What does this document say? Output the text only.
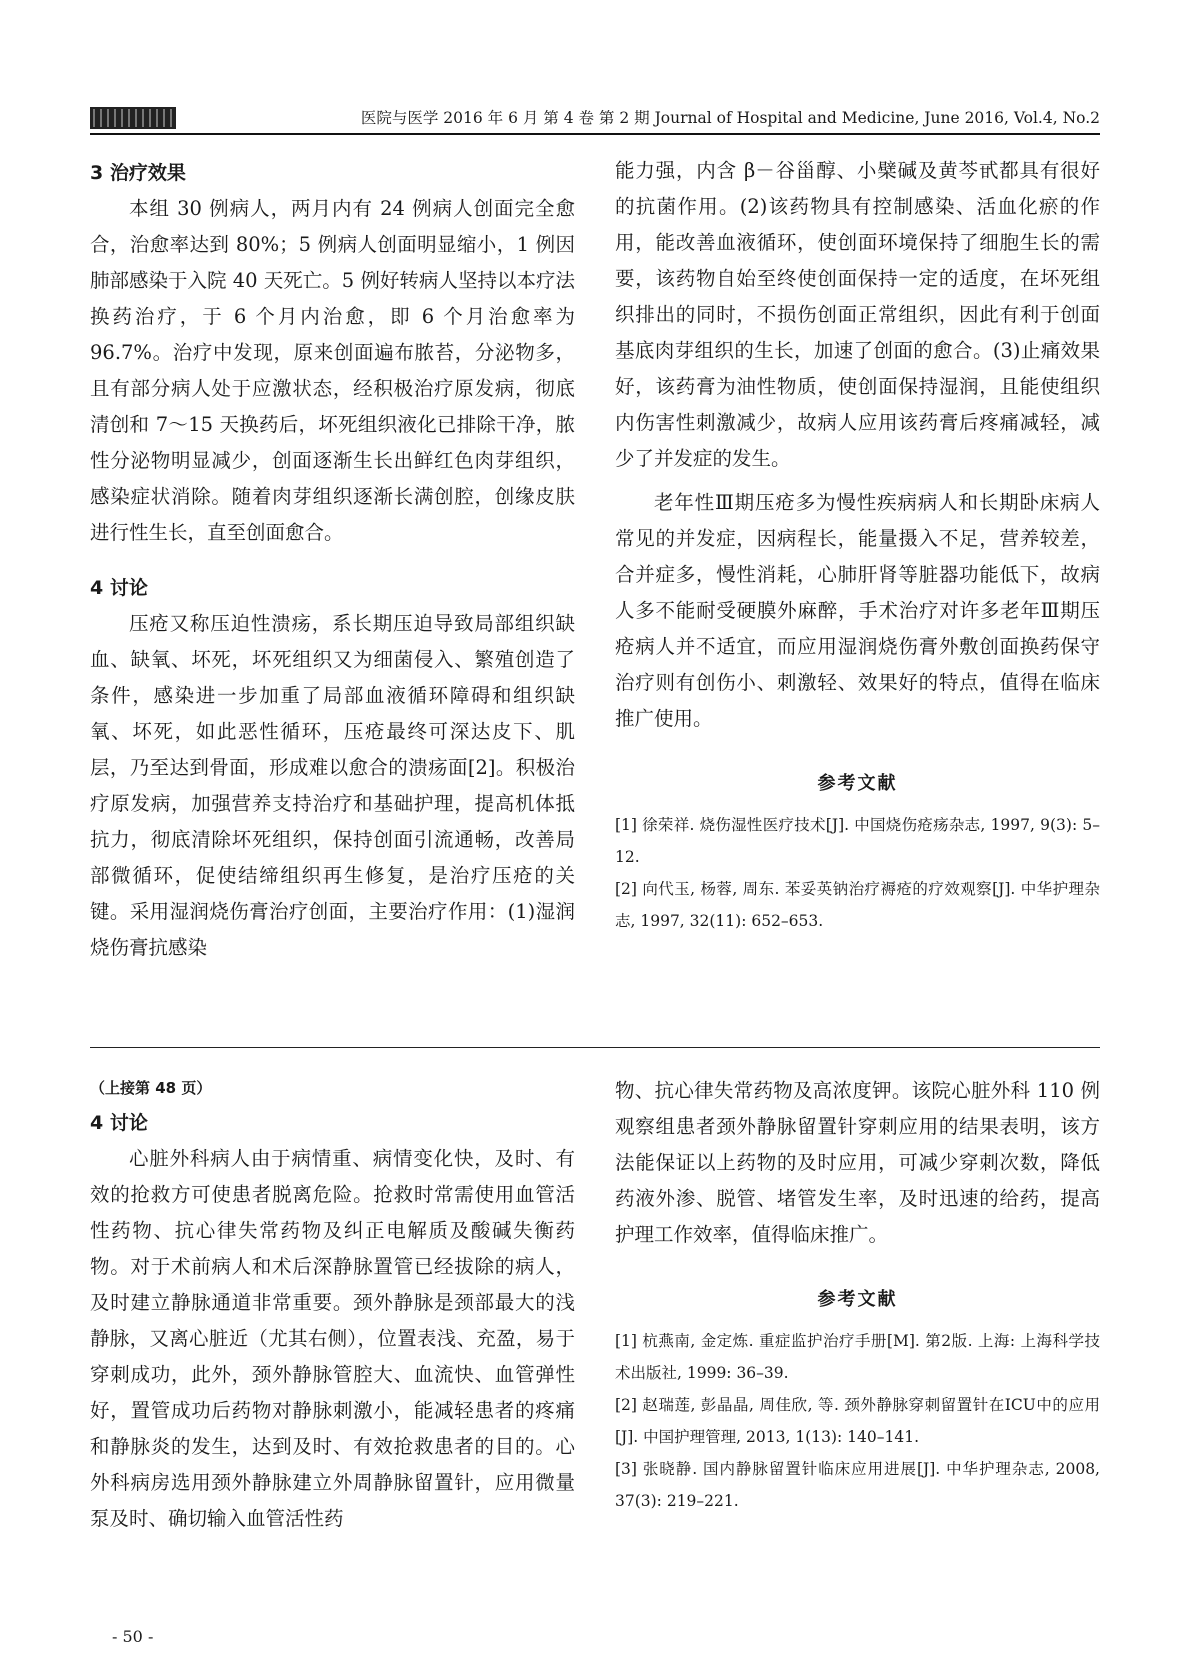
医院与医学 2016 年 6 月 第 4 卷 第 2 期 Journal of Hospital and Medicine, June 2016, Vol.4, No.2
3 治疗效果

本组 30 例病人，两月内有 24 例病人创面完全愈合，治愈率达到 80%；5 例病人创面明显缩小，1 例因肺部感染于入院 40 天死亡。5 例好转病人坚持以本疗法换药治疗，于 6 个月内治愈，即 6 个月治愈率为 96.7%。治疗中发现，原来创面遍布脓苔，分泌物多，且有部分病人处于应激状态，经积极治疗原发病，彻底清创和 7～15 天换药后，坏死组织液化已排除干净，脓性分泌物明显减少，创面逐渐生长出鲜红色肉芽组织，感染症状消除。随着肉芽组织逐渐长满创腔，创缘皮肤进行性生长，直至创面愈合。

4 讨论

压疮又称压迫性溃疡，系长期压迫导致局部组织缺血、缺氧、坏死，坏死组织又为细菌侵入、繁殖创造了条件，感染进一步加重了局部血液循环障碍和组织缺氧、坏死，如此恶性循环，压疮最终可深达皮下、肌层，乃至达到骨面，形成难以愈合的溃疡面[2]。积极治疗原发病，加强营养支持治疗和基础护理，提高机体抵抗力，彻底清除坏死组织，保持创面引流通畅，改善局部微循环，促使结缔组织再生修复，是治疗压疮的关键。采用湿润烧伤膏治疗创面，主要治疗作用：(1)湿润烧伤膏抗感染

能力强，内含 β－谷甾醇、小檗碱及黄芩甙都具有很好的抗菌作用。(2)该药物具有控制感染、活血化瘀的作用，能改善血液循环，使创面环境保持了细胞生长的需要，该药物自始至终使创面保持一定的适度，在坏死组织排出的同时，不损伤创面正常组织，因此有利于创面基底肉芽组织的生长，加速了创面的愈合。(3)止痛效果好，该药膏为油性物质，使创面保持湿润，且能使组织内伤害性刺激减少，故病人应用该药膏后疼痛减轻，减少了并发症的发生。

老年性Ⅲ期压疮多为慢性疾病病人和长期卧床病人常见的并发症，因病程长，能量摄入不足，营养较差，合并症多，慢性消耗，心肺肝肾等脏器功能低下，故病人多不能耐受硬膜外麻醉，手术治疗对许多老年Ⅲ期压疮病人并不适宜，而应用湿润烧伤膏外敷创面换药保守治疗则有创伤小、刺激轻、效果好的特点，值得在临床推广使用。

参考文献

[1] 徐荣祥. 烧伤湿性医疗技术[J]. 中国烧伤疮疡杂志, 1997, 9(3): 5–12.

[2] 向代玉, 杨蓉, 周东. 苯妥英钠治疗褥疮的疗效观察[J]. 中华护理杂志, 1997, 32(11): 652–653.

（上接第 48 页）
4 讨论

心脏外科病人由于病情重、病情变化快，及时、有效的抢救方可使患者脱离危险。抢救时常需使用血管活性药物、抗心律失常药物及纠正电解质及酸碱失衡药物。对于术前病人和术后深静脉置管已经拔除的病人，及时建立静脉通道非常重要。颈外静脉是颈部最大的浅静脉，又离心脏近（尤其右侧），位置表浅、充盈，易于穿刺成功，此外，颈外静脉管腔大、血流快、血管弹性好，置管成功后药物对静脉刺激小，能减轻患者的疼痛和静脉炎的发生，达到及时、有效抢救患者的目的。心外科病房选用颈外静脉建立外周静脉留置针，应用微量泵及时、确切输入血管活性药

物、抗心律失常药物及高浓度钾。该院心脏外科 110 例观察组患者颈外静脉留置针穿刺应用的结果表明，该方法能保证以上药物的及时应用，可减少穿刺次数，降低药液外渗、脱管、堵管发生率，及时迅速的给药，提高护理工作效率，值得临床推广。

参考文献

[1] 杭燕南, 金定炼. 重症监护治疗手册[M]. 第2版. 上海: 上海科学技术出版社, 1999: 36–39.

[2] 赵瑞莲, 彭晶晶, 周佳欣, 等. 颈外静脉穿刺留置针在ICU中的应用[J]. 中国护理管理, 2013, 1(13): 140–141.

[3] 张晓静. 国内静脉留置针临床应用进展[J]. 中华护理杂志, 2008, 37(3): 219–221.

- 50 -
